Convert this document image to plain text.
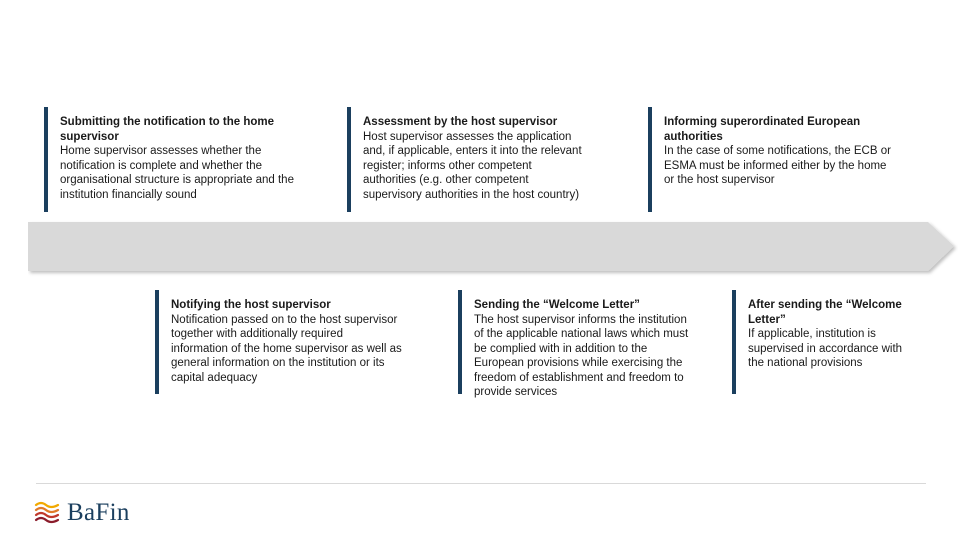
Submitting the notification to the home supervisor
Home supervisor assesses whether the notification is complete and whether the organisational structure is appropriate and the institution financially sound
Assessment by the host supervisor
Host supervisor assesses the application and, if applicable, enters it into the relevant register; informs other competent authorities (e.g. other competent supervisory authorities in the host country)
Informing superordinated European authorities
In the case of some notifications, the ECB or ESMA must be informed either by the home or the host supervisor
Notifying the host supervisor
Notification passed on to the host supervisor together with additionally required information of the home supervisor as well as general information on the institution or its capital adequacy
Sending the “Welcome Letter”
The host supervisor informs the institution of the applicable national laws which must be complied with in addition to the European provisions while exercising the freedom of establishment and freedom to provide services
After sending the “Welcome Letter”
If applicable, institution is supervised in accordance with the national provisions
BaFin
